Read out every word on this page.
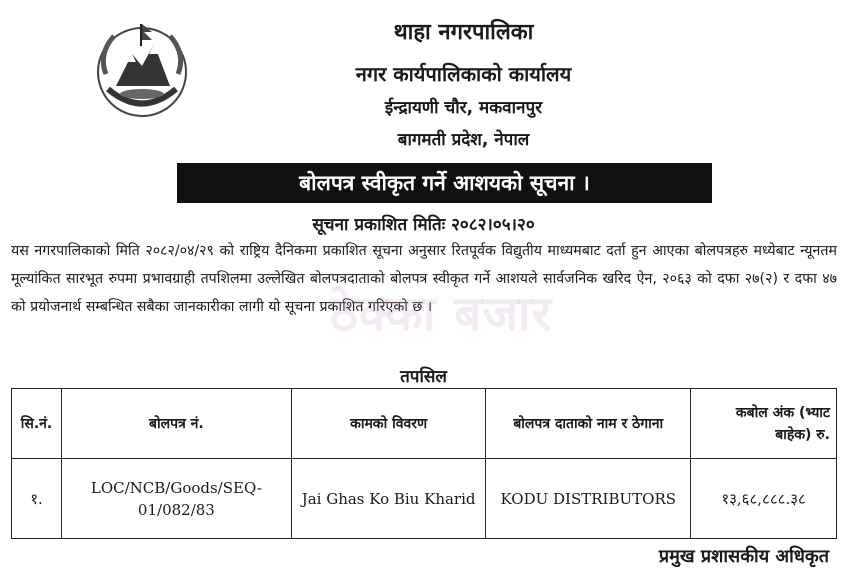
थाहा नगरपालिका
नगर कार्यपालिकाको कार्यालय
ईन्द्रायणी चौर, मकवानपुर
बागमती प्रदेश, नेपाल
बोलपत्र स्वीकृत गर्ने आशयको सूचना ।
सूचना प्रकाशित मितिः २०८२।०५।२०
यस नगरपालिकाको मिति २०८२/०४/२९ को राष्ट्रिय दैनिकमा प्रकाशित सूचना अनुसार रितपूर्वक विद्युतीय माध्यमबाट दर्ता हुन आएका बोलपत्रहरु मध्येबाट न्यूनतम मूल्यांकित सारभूत रुपमा प्रभावग्राही तपशिलमा उल्लेखित बोलपत्रदाताको बोलपत्र स्वीकृत गर्ने आशयले सार्वजनिक खरिद ऐन, २०६३ को दफा २७(२) र दफा ४७ को प्रयोजनार्थ सम्बन्धित सबैका जानकारीका लागी यो सूचना प्रकाशित गरिएको छ ।
ठेक्का बजार
तपसिल
सि.नं.	बोलपत्र नं.	कामको विवरण	बोलपत्र दाताको नाम र ठेगाना	कबोल अंक (भ्याट बाहेक) रु.
१.	LOC/NCB/Goods/SEQ-01/082/83	Jai Ghas Ko Biu Kharid	KODU DISTRIBUTORS	१३,६८,८८८.३८
प्रमुख प्रशासकीय अधिकृत
